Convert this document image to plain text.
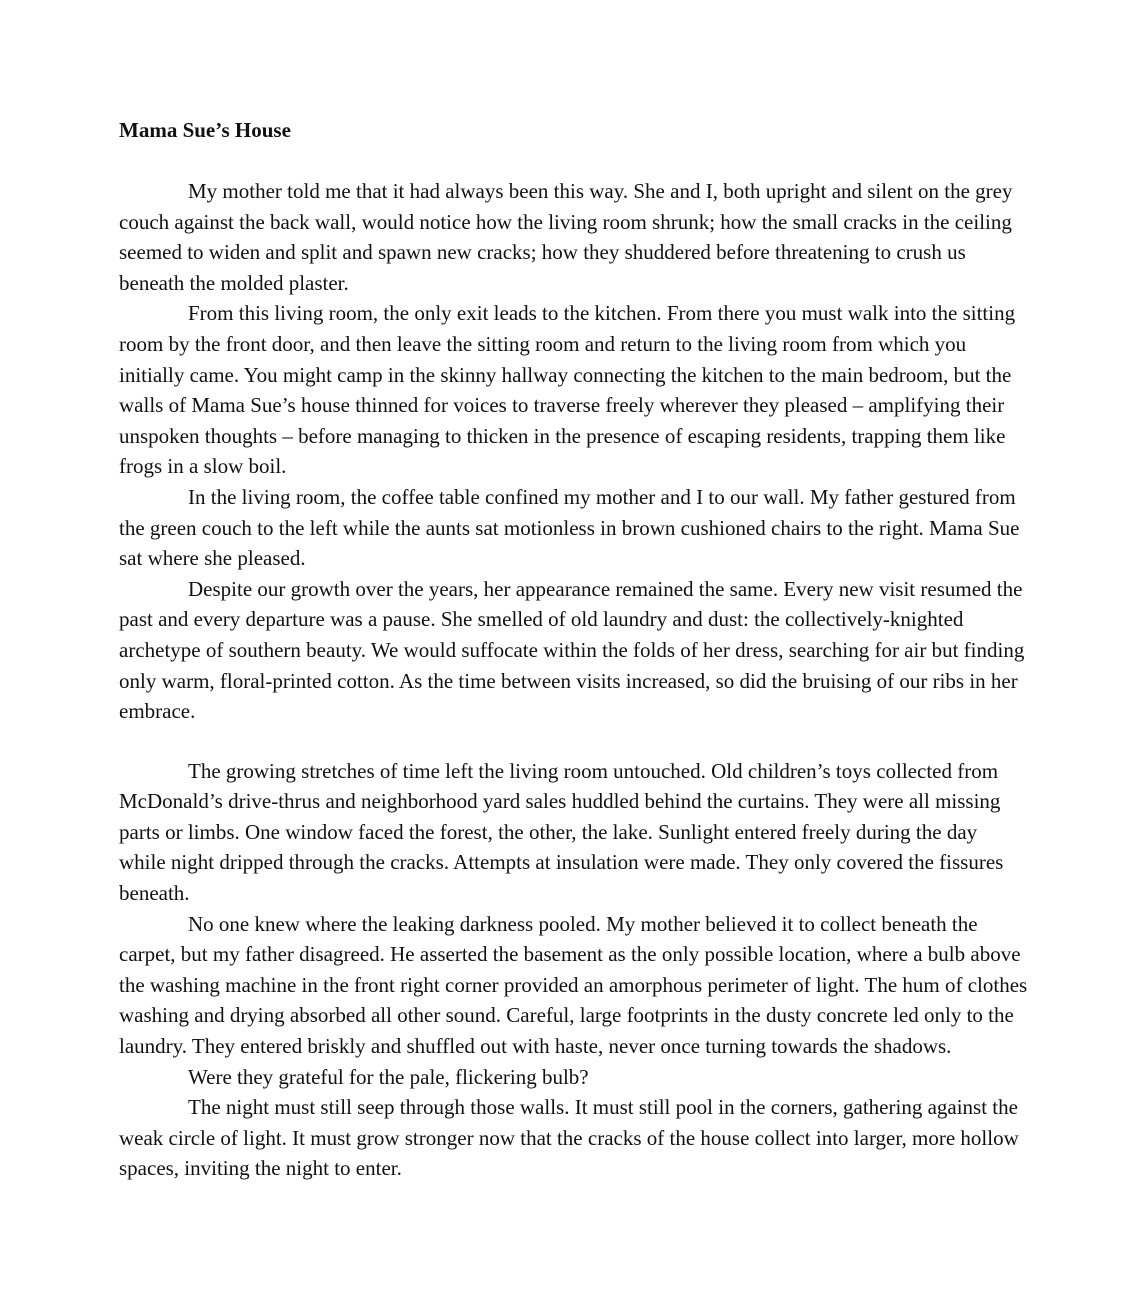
Mama Sue’s House

My mother told me that it had always been this way. She and I, both upright and silent on the grey couch against the back wall, would notice how the living room shrunk; how the small cracks in the ceiling seemed to widen and split and spawn new cracks; how they shuddered before threatening to crush us beneath the molded plaster.

From this living room, the only exit leads to the kitchen. From there you must walk into the sitting room by the front door, and then leave the sitting room and return to the living room from which you initially came. You might camp in the skinny hallway connecting the kitchen to the main bedroom, but the walls of Mama Sue’s house thinned for voices to traverse freely wherever they pleased – amplifying their unspoken thoughts – before managing to thicken in the presence of escaping residents, trapping them like frogs in a slow boil.

In the living room, the coffee table confined my mother and I to our wall. My father gestured from the green couch to the left while the aunts sat motionless in brown cushioned chairs to the right. Mama Sue sat where she pleased.

Despite our growth over the years, her appearance remained the same. Every new visit resumed the past and every departure was a pause. She smelled of old laundry and dust: the collectively-knighted archetype of southern beauty. We would suffocate within the folds of her dress, searching for air but finding only warm, floral-printed cotton. As the time between visits increased, so did the bruising of our ribs in her embrace.

The growing stretches of time left the living room untouched. Old children’s toys collected from McDonald’s drive-thrus and neighborhood yard sales huddled behind the curtains. They were all missing parts or limbs. One window faced the forest, the other, the lake. Sunlight entered freely during the day while night dripped through the cracks. Attempts at insulation were made. They only covered the fissures beneath.

No one knew where the leaking darkness pooled. My mother believed it to collect beneath the carpet, but my father disagreed. He asserted the basement as the only possible location, where a bulb above the washing machine in the front right corner provided an amorphous perimeter of light. The hum of clothes washing and drying absorbed all other sound. Careful, large footprints in the dusty concrete led only to the laundry. They entered briskly and shuffled out with haste, never once turning towards the shadows.

Were they grateful for the pale, flickering bulb?

The night must still seep through those walls. It must still pool in the corners, gathering against the weak circle of light. It must grow stronger now that the cracks of the house collect into larger, more hollow spaces, inviting the night to enter.
